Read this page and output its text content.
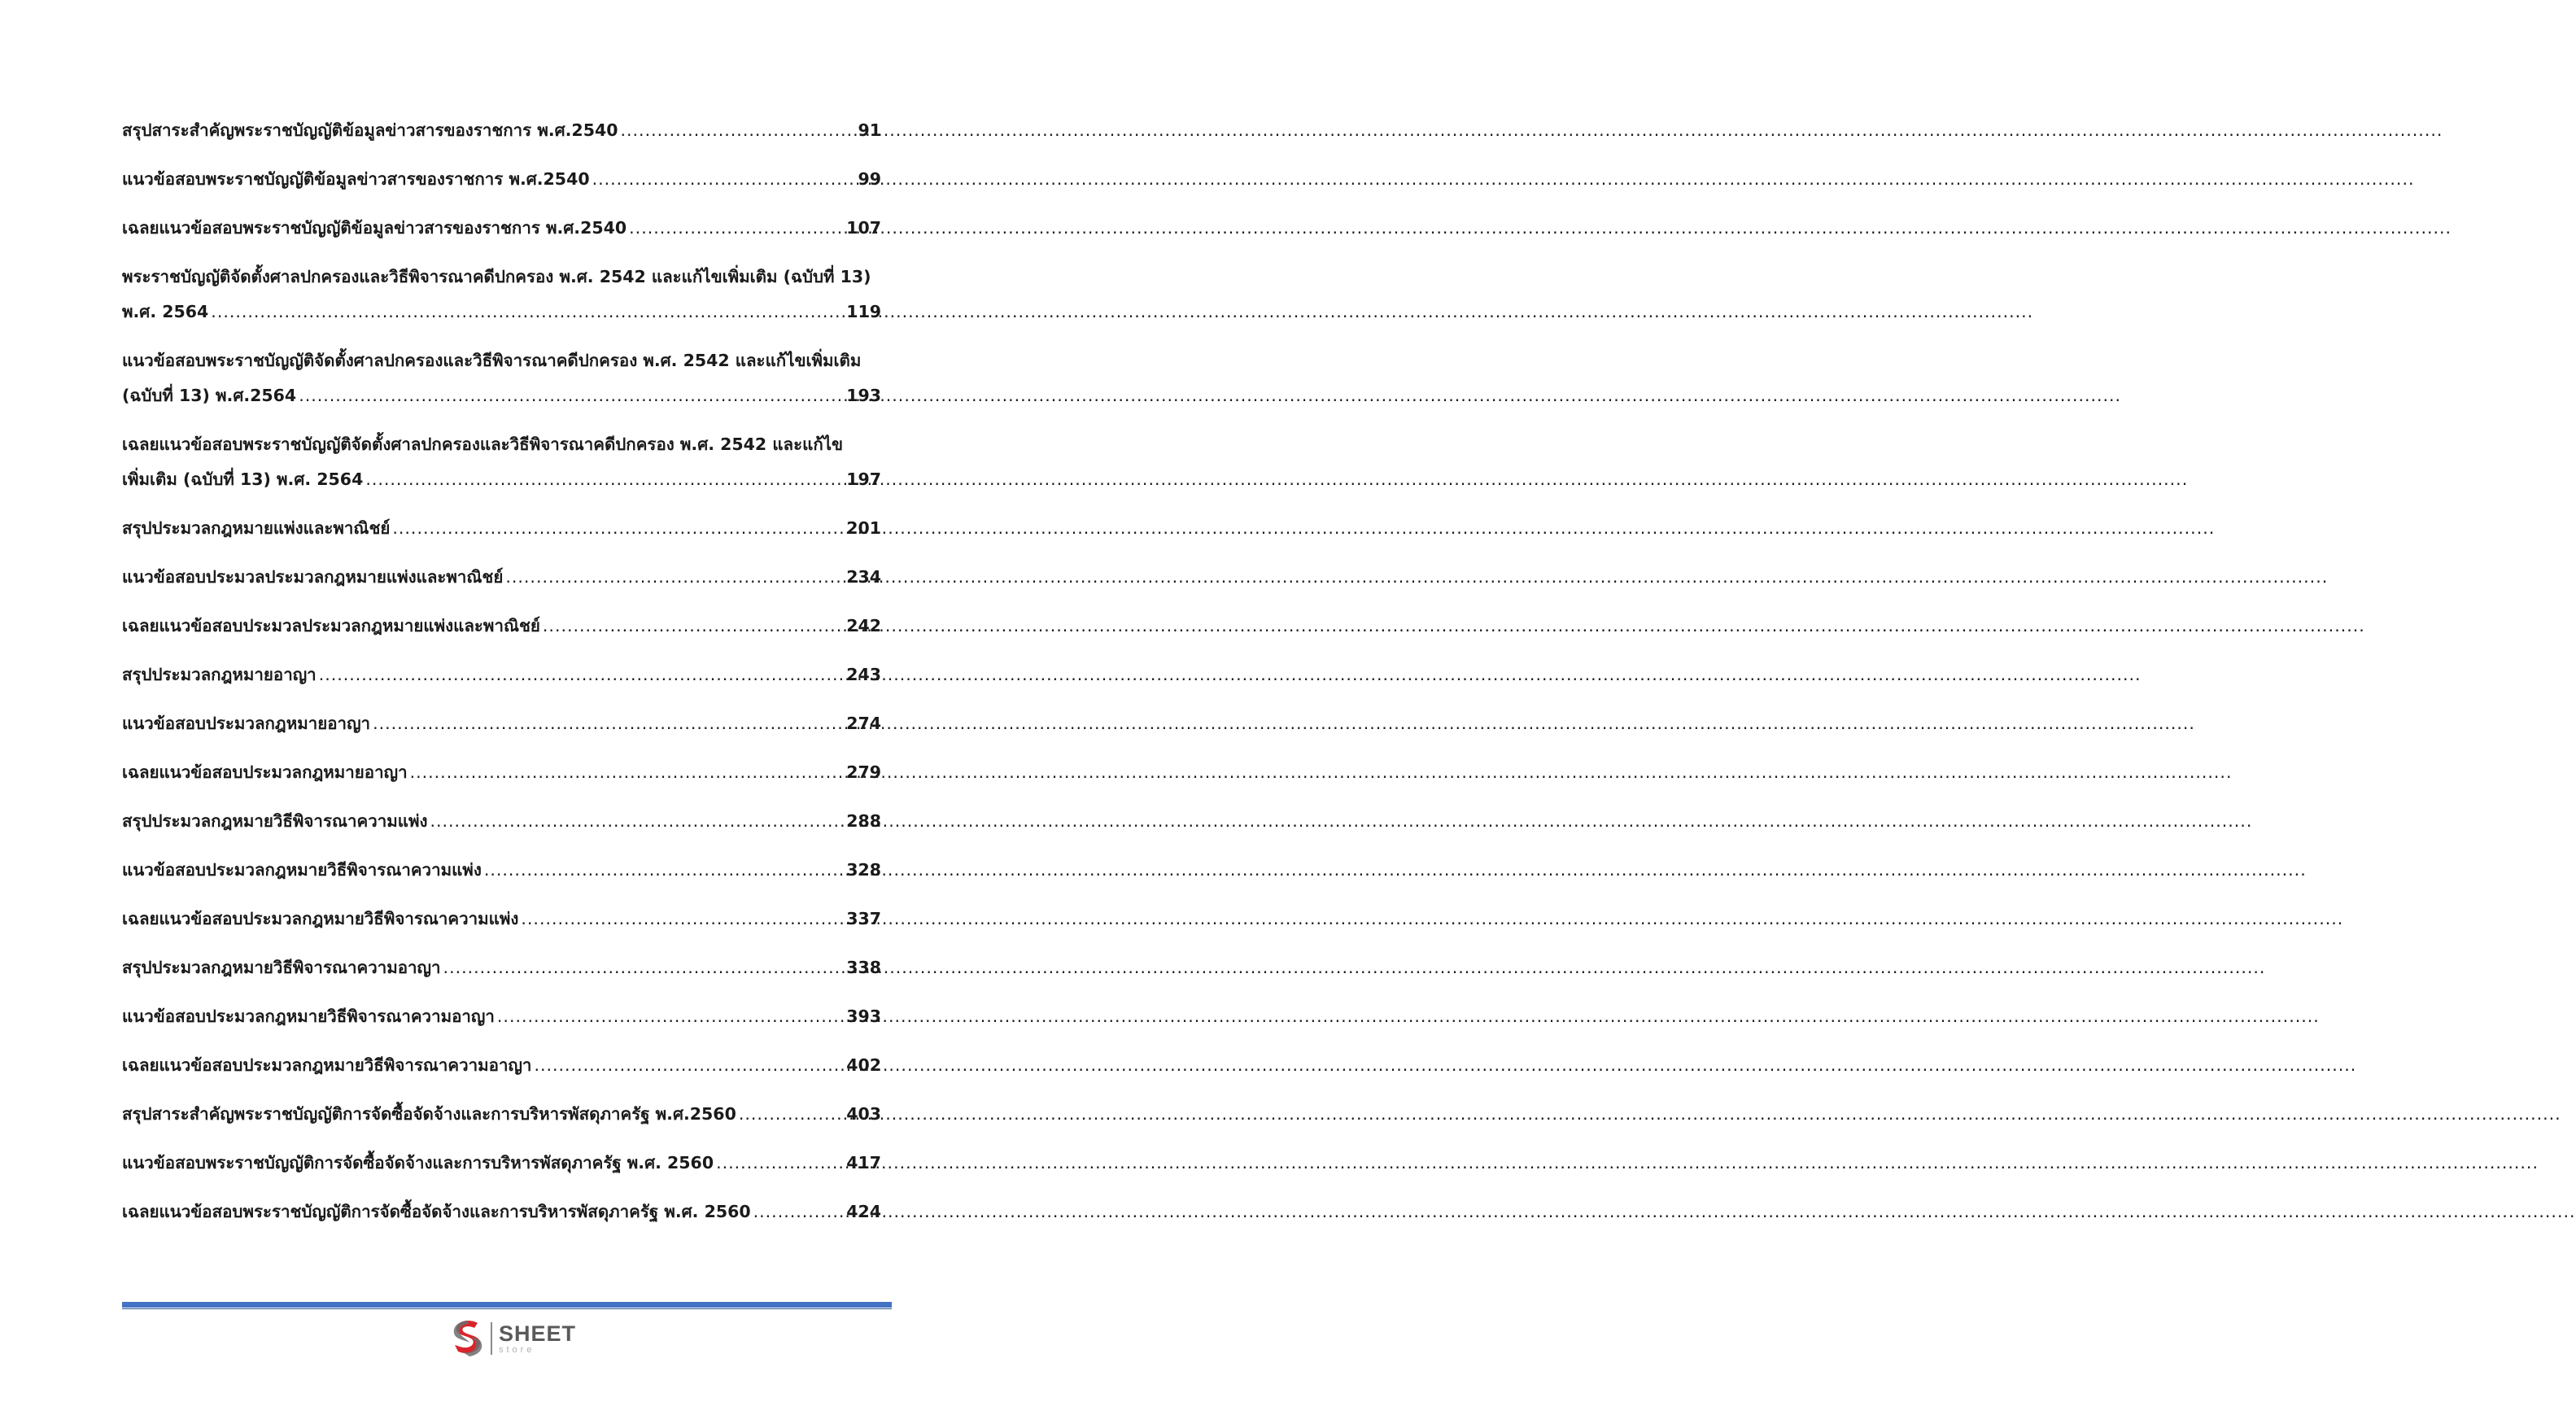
สรุปสาระสำคัญพระราชบัญญัติข้อมูลข่าวสารของราชการ พ.ศ.2540 .....	91
แนวข้อสอบพระราชบัญญัติข้อมูลข่าวสารของราชการ พ.ศ.2540 .....	99
เฉลยแนวข้อสอบพระราชบัญญัติข้อมูลข่าวสารของราชการ พ.ศ.2540 .....	107
พระราชบัญญัติจัดตั้งศาลปกครองและวิธีพิจารณาคดีปกครอง พ.ศ. 2542 และแก้ไขเพิ่มเติม (ฉบับที่ 13)
พ.ศ. 2564 .....	119
แนวข้อสอบพระราชบัญญัติจัดตั้งศาลปกครองและวิธีพิจารณาคดีปกครอง พ.ศ. 2542 และแก้ไขเพิ่มเติม
(ฉบับที่ 13) พ.ศ.2564 .....	193
เฉลยแนวข้อสอบพระราชบัญญัติจัดตั้งศาลปกครองและวิธีพิจารณาคดีปกครอง พ.ศ. 2542 และแก้ไข
เพิ่มเติม (ฉบับที่ 13) พ.ศ. 2564 .....	197
สรุปประมวลกฎหมายแพ่งและพาณิชย์ .....	201
แนวข้อสอบประมวลประมวลกฎหมายแพ่งและพาณิชย์ .....	234
เฉลยแนวข้อสอบประมวลประมวลกฎหมายแพ่งและพาณิชย์ .....	242
สรุปประมวลกฎหมายอาญา .....	243
แนวข้อสอบประมวลกฎหมายอาญา .....	274
เฉลยแนวข้อสอบประมวลกฎหมายอาญา .....	279
สรุปประมวลกฎหมายวิธีพิจารณาความแพ่ง .....	288
แนวข้อสอบประมวลกฎหมายวิธีพิจารณาความแพ่ง .....	328
เฉลยแนวข้อสอบประมวลกฎหมายวิธีพิจารณาความแพ่ง .....	337
สรุปประมวลกฎหมายวิธีพิจารณาความอาญา .....	338
แนวข้อสอบประมวลกฎหมายวิธีพิจารณาความอาญา .....	393
เฉลยแนวข้อสอบประมวลกฎหมายวิธีพิจารณาความอาญา .....	402
สรุปสาระสำคัญพระราชบัญญัติการจัดซื้อจัดจ้างและการบริหารพัสดุภาครัฐ พ.ศ.2560 .....	403
แนวข้อสอบพระราชบัญญัติการจัดซื้อจัดจ้างและการบริหารพัสดุภาครัฐ พ.ศ. 2560 .....	417
เฉลยแนวข้อสอบพระราชบัญญัติการจัดซื้อจัดจ้างและการบริหารพัสดุภาครัฐ พ.ศ. 2560 .....	424
SHEET
store
